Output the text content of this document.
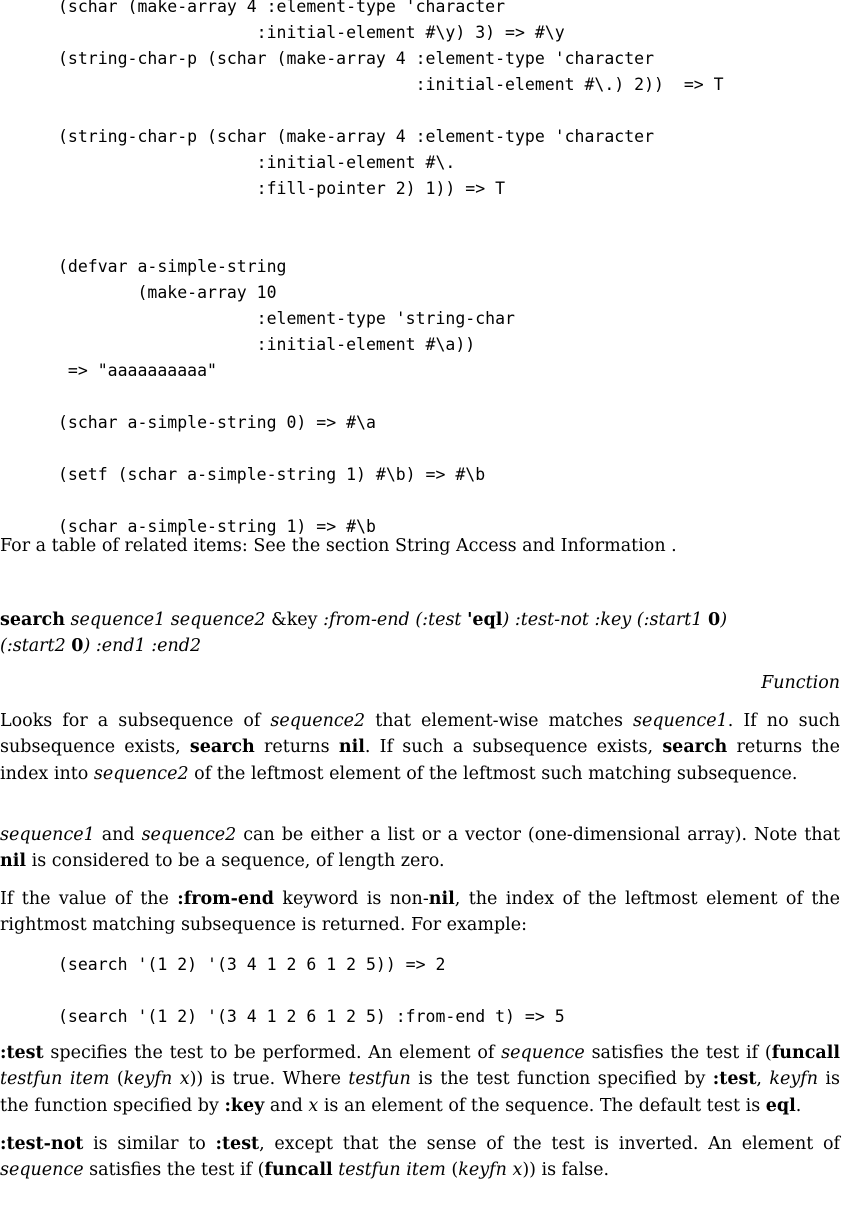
(schar (make-array 4 :element-type 'character
:initial-element #\y) 3) => #\y
(string-char-p (schar (make-array 4 :element-type 'character
:initial-element #\.) 2))  => T

(string-char-p (schar (make-array 4 :element-type 'character
:initial-element #\.
:fill-pointer 2) 1)) => T

(defvar a-simple-string
(make-array 10
:element-type 'string-char
:initial-element #\a))
=> "aaaaaaaaaa"

(schar a-simple-string 0) => #\a

(setf (schar a-simple-string 1) #\b) => #\b

(schar a-simple-string 1) => #\b
For a table of related items: See the section String Access and Information .
search sequence1 sequence2 &key :from-end (:test 'eql) :test-not :key (:start1 0)
(:start2 0) :end1 :end2
Function
Looks for a subsequence of sequence2 that element-wise matches sequence1. If no such subsequence exists, search returns nil. If such a subsequence exists, search returns the index into sequence2 of the leftmost element of the leftmost such matching subsequence.
sequence1 and sequence2 can be either a list or a vector (one-dimensional array). Note that nil is considered to be a sequence, of length zero.
If the value of the :from-end keyword is non-nil, the index of the leftmost element of the rightmost matching subsequence is returned. For example:
(search '(1 2) '(3 4 1 2 6 1 2 5)) => 2

(search '(1 2) '(3 4 1 2 6 1 2 5) :from-end t) => 5
:test specifies the test to be performed. An element of sequence satisfies the test if (funcall testfun item (keyfn x)) is true. Where testfun is the test function specified by :test, keyfn is the function specified by :key and x is an element of the sequence. The default test is eql.
:test-not is similar to :test, except that the sense of the test is inverted. An element of sequence satisfies the test if (funcall testfun item (keyfn x)) is false.
